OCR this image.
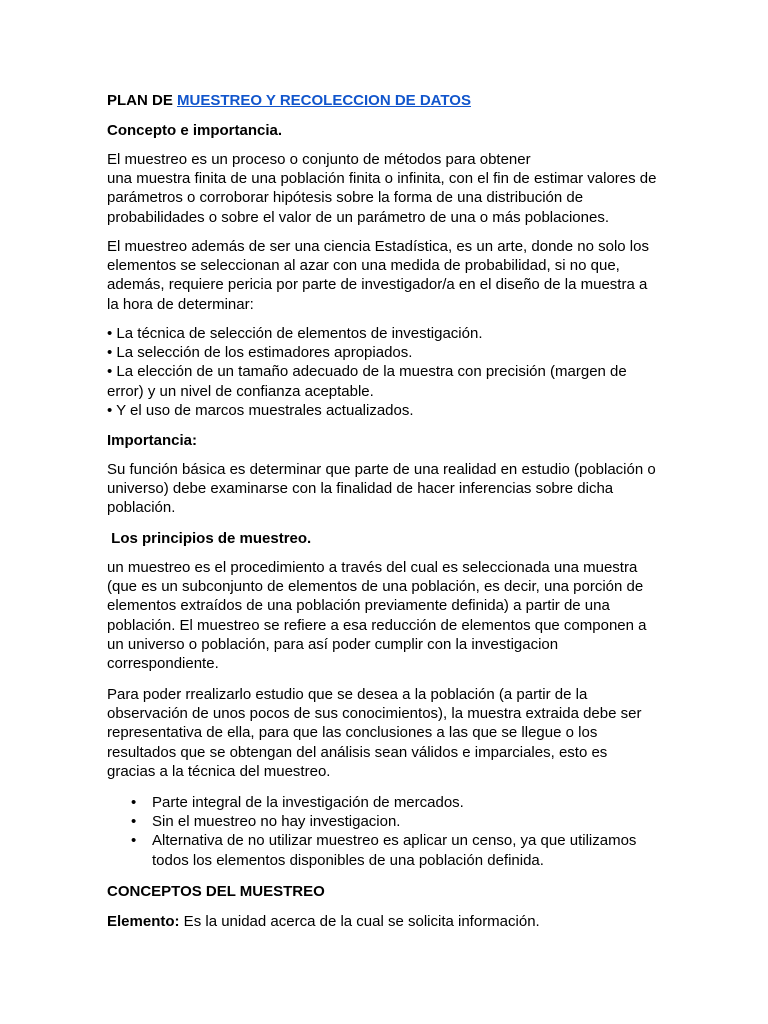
PLAN DE MUESTREO Y RECOLECCION DE DATOS
Concepto e importancia.
El muestreo es un proceso o conjunto de métodos para obtener
una muestra finita de una población finita o infinita, con el fin de estimar valores de
parámetros o corroborar hipótesis sobre la forma de una distribución de
probabilidades o sobre el valor de un parámetro de una o más poblaciones.
El muestreo además de ser una ciencia Estadística, es un arte, donde no solo los
elementos se seleccionan al azar con una medida de probabilidad, si no que,
además, requiere pericia por parte de investigador/a en el diseño de la muestra a
la hora de determinar:
• La técnica de selección de elementos de investigación.
• La selección de los estimadores apropiados.
• La elección de un tamaño adecuado de la muestra con precisión (margen de
error) y un nivel de confianza aceptable.
• Y el uso de marcos muestrales actualizados.
Importancia:
Su función básica es determinar que parte de una realidad en estudio (población o
universo) debe examinarse con la finalidad de hacer inferencias sobre dicha
población.
Los principios de muestreo.
un muestreo es el procedimiento a través del cual es seleccionada una muestra
(que es un subconjunto de elementos de una población, es decir, una porción de
elementos extraídos de una población previamente definida) a partir de una
población. El muestreo se refiere a esa reducción de elementos que componen a
un universo o población, para así poder cumplir con la investigacion
correspondiente.
Para poder rrealizarlo estudio que se desea a la población (a partir de la
observación de unos pocos de sus conocimientos), la muestra extraida debe ser
representativa de ella, para que las conclusiones a las que se llegue o los
resultados que se obtengan del análisis sean válidos e imparciales, esto es
gracias a la técnica del muestreo.
• Parte integral de la investigación de mercados.
• Sin el muestreo no hay investigacion.
• Alternativa de no utilizar muestreo es aplicar un censo, ya que utilizamos
todos los elementos disponibles de una población definida.
CONCEPTOS DEL MUESTREO
Elemento: Es la unidad acerca de la cual se solicita información.
